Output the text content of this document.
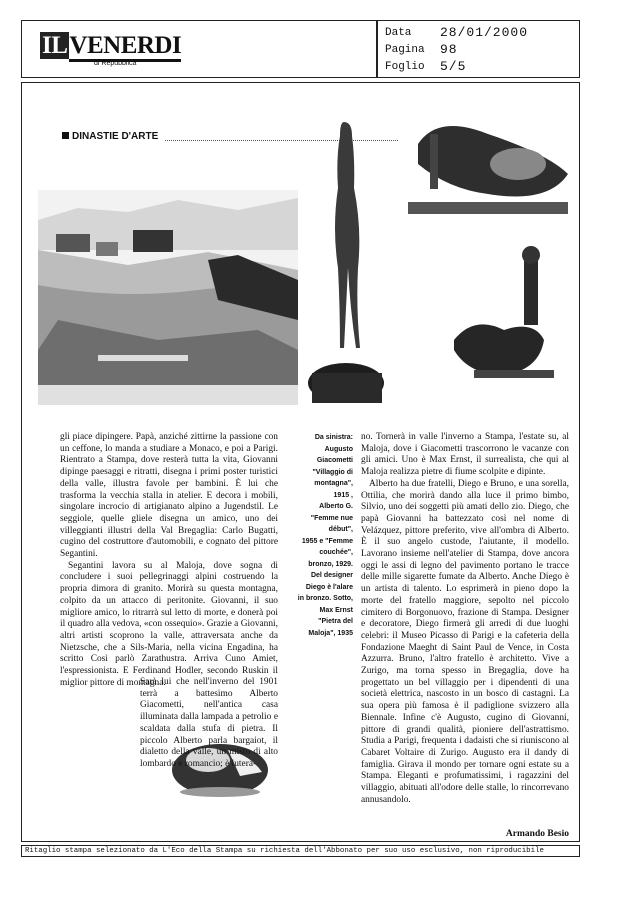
ILVENERDI
di Repubblica
Data 28/01/2000
Pagina 98
Foglio 5/5
DINASTIE D'ARTE
Da sinistra:
Augusto
Giacometti
"Villaggio di
montagna",
1915 ,
Alberto G.
"Femme nue
début",
1955 e "Femme
couchée",
bronzo, 1929.
Del designer
Diego è l'alare
in bronzo. Sotto,
Max Ernst
"Pietra del
Maloja", 1935

gli piace dipingere. Papà, anziché zittirne la passione con un ceffone, lo manda a studiare a Monaco, e poi a Parigi. Rientrato a Stampa, dove resterà tutta la vita, Giovanni dipinge paesaggi e ritratti, disegna i primi poster turistici della valle, illustra favole per bambini. È lui che trasforma la vecchia stalla in atelier. E decora i mobili, singolare incrocio di artigianato alpino a Jugendstil. Le seggiole, quelle gliele disegna un amico, uno dei villeggianti illustri della Val Bregaglia: Carlo Bugatti, cugino del costruttore d'automobili, e cognato del pittore Segantini.

Segantini lavora su al Maloja, dove sogna di concludere i suoi pellegrinaggi alpini costruendo la propria dimora di granito. Morirà su questa montagna, colpito da un attacco di peritonite. Giovanni, il suo migliore amico, lo ritrarrà sul letto di morte, e donerà poi il quadro alla vedova, «con ossequio». Grazie a Giovanni, altri artisti scoprono la valle, attraversata anche da Nietzsche, che a Sils-Maria, nella vicina Engadina, ha scritto Così parlò Zarathustra. Arriva Cuno Amiet, l'espressionista. E Ferdinand Hodler, secondo Ruskin il miglior pittore di montagna.

Sarà lui che nell'inverno del 1901 terrà a battesimo Alberto Giacometti, nell'antica casa illuminata dalla lampada a petrolio e scaldata dalla stufa di pietra. Il piccolo Alberto parla bargaiot, il dialetto della valle, un misto di alto lombardo e romancio; è lutera-

no. Tornerà in valle l'inverno a Stampa, l'estate su, al Maloja, dove i Giacometti trascorrono le vacanze con gli amici. Uno è Max Ernst, il surrealista, che qui al Maloja realizza pietre di fiume scolpite e dipinte.

Alberto ha due fratelli, Diego e Bruno, e una sorella, Ottilia, che morirà dando alla luce il primo bimbo, Silvio, uno dei soggetti più amati dello zio. Diego, che papà Giovanni ha battezzato così nel nome di Velázquez, pittore preferito, vive all'ombra di Alberto. È il suo angelo custode, l'aiutante, il modello. Lavorano insieme nell'atelier di Stampa, dove ancora oggi le assi di legno del pavimento portano le tracce delle mille sigarette fumate da Alberto. Anche Diego è un artista di talento. Lo esprimerà in pieno dopo la morte del fratello maggiore, sepolto nel piccolo cimitero di Borgonuovo, frazione di Stampa. Designer e decoratore, Diego firmerà gli arredi di due luoghi celebri: il Museo Picasso di Parigi e la cafeteria della Fondazione Maeght di Saint Paul de Vence, in Costa Azzurra. Bruno, l'altro fratello è architetto. Vive a Zurigo, ma torna spesso in Bregaglia, dove ha progettato un bel villaggio per i dipendenti di una società elettrica, nascosto in un bosco di castagni. La sua opera più famosa è il padiglione svizzero alla Biennale. Infine c'è Augusto, cugino di Giovanni, pittore di grandi qualità, pioniere dell'astrattismo. Studia a Parigi, frequenta i dadaisti che si riuniscono al Cabaret Voltaire di Zurigo. Augusto era il dandy di famiglia. Girava il mondo per tornare ogni estate su a Stampa. Eleganti e profumatissimi, i ragazzini del villaggio, abituati all'odore delle stalle, lo rincorrevano annusandolo.

Armando Besio
Ritaglio stampa selezionato da L'Eco della Stampa su richiesta dell'Abbonato per suo uso esclusivo, non riproducibile
